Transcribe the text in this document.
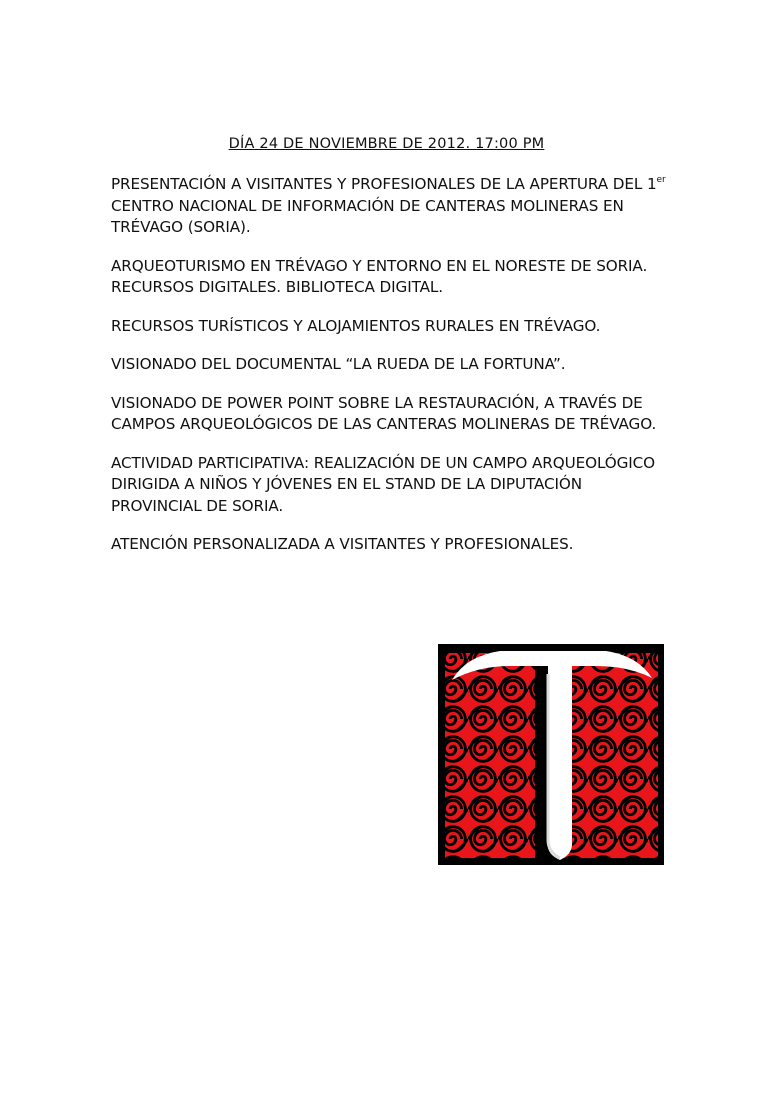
DÍA 24 DE NOVIEMBRE DE 2012. 17:00 PM

PRESENTACIÓN A VISITANTES Y PROFESIONALES DE LA APERTURA DEL 1er CENTRO NACIONAL DE INFORMACIÓN DE CANTERAS MOLINERAS EN TRÉVAGO (SORIA).

ARQUEOTURISMO EN TRÉVAGO Y ENTORNO EN EL NORESTE DE SORIA. RECURSOS DIGITALES. BIBLIOTECA DIGITAL.

RECURSOS TURÍSTICOS Y ALOJAMIENTOS RURALES EN TRÉVAGO.

VISIONADO DEL DOCUMENTAL “LA RUEDA DE LA FORTUNA”.

VISIONADO DE POWER POINT SOBRE LA RESTAURACIÓN, A TRAVÉS DE CAMPOS ARQUEOLÓGICOS DE LAS CANTERAS MOLINERAS DE TRÉVAGO.

ACTIVIDAD PARTICIPATIVA: REALIZACIÓN DE UN CAMPO ARQUEOLÓGICO DIRIGIDA A NIÑOS Y JÓVENES EN EL STAND DE LA DIPUTACIÓN PROVINCIAL DE SORIA.

ATENCIÓN PERSONALIZADA A VISITANTES Y PROFESIONALES.
